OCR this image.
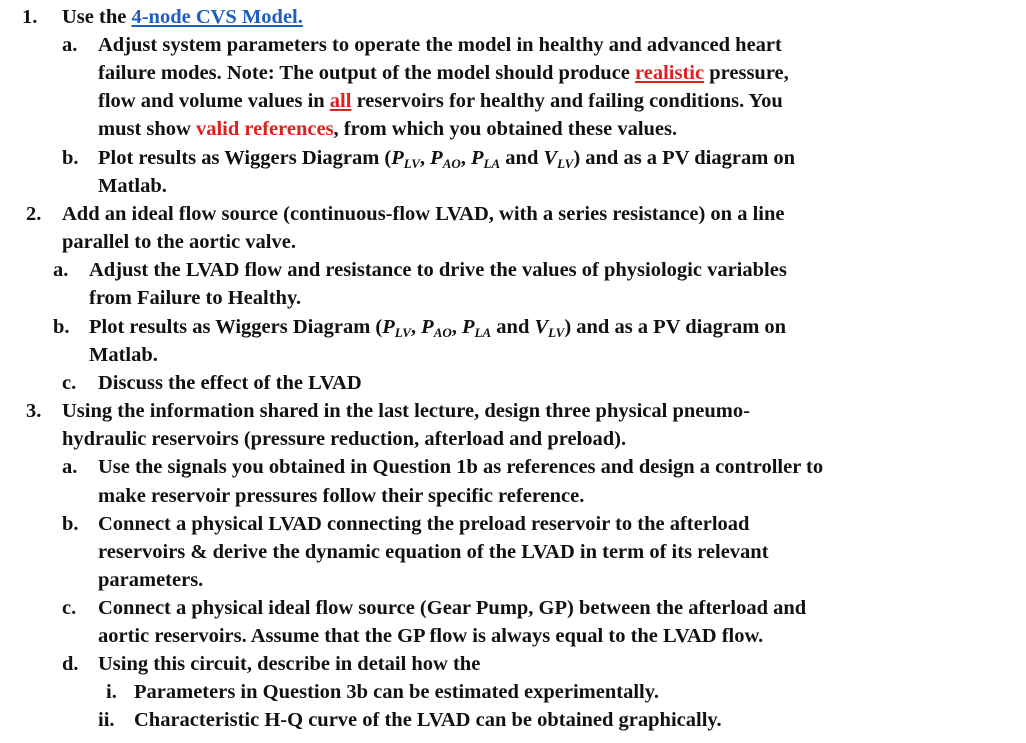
1. Use the 4-node CVS Model.
a. Adjust system parameters to operate the model in healthy and advanced heart
failure modes. Note: The output of the model should produce realistic pressure,
flow and volume values in all reservoirs for healthy and failing conditions. You
must show valid references, from which you obtained these values.
b. Plot results as Wiggers Diagram ($P_{LV}$, $P_{AO}$, $P_{LA}$ and $V_{LV}$) and as a PV diagram on
Matlab.
2. Add an ideal flow source (continuous-flow LVAD, with a series resistance) on a line
parallel to the aortic valve.
a. Adjust the LVAD flow and resistance to drive the values of physiologic variables
from Failure to Healthy.
b. Plot results as Wiggers Diagram ($P_{LV}$, $P_{AO}$, $P_{LA}$ and $V_{LV}$) and as a PV diagram on
Matlab.
c. Discuss the effect of the LVAD
3. Using the information shared in the last lecture, design three physical pneumo-
hydraulic reservoirs (pressure reduction, afterload and preload).
a. Use the signals you obtained in Question 1b as references and design a controller to
make reservoir pressures follow their specific reference.
b. Connect a physical LVAD connecting the preload reservoir to the afterload
reservoirs & derive the dynamic equation of the LVAD in term of its relevant
parameters.
c. Connect a physical ideal flow source (Gear Pump, GP) between the afterload and
aortic reservoirs. Assume that the GP flow is always equal to the LVAD flow.
d. Using this circuit, describe in detail how the
i. Parameters in Question 3b can be estimated experimentally.
ii. Characteristic H-Q curve of the LVAD can be obtained graphically.
